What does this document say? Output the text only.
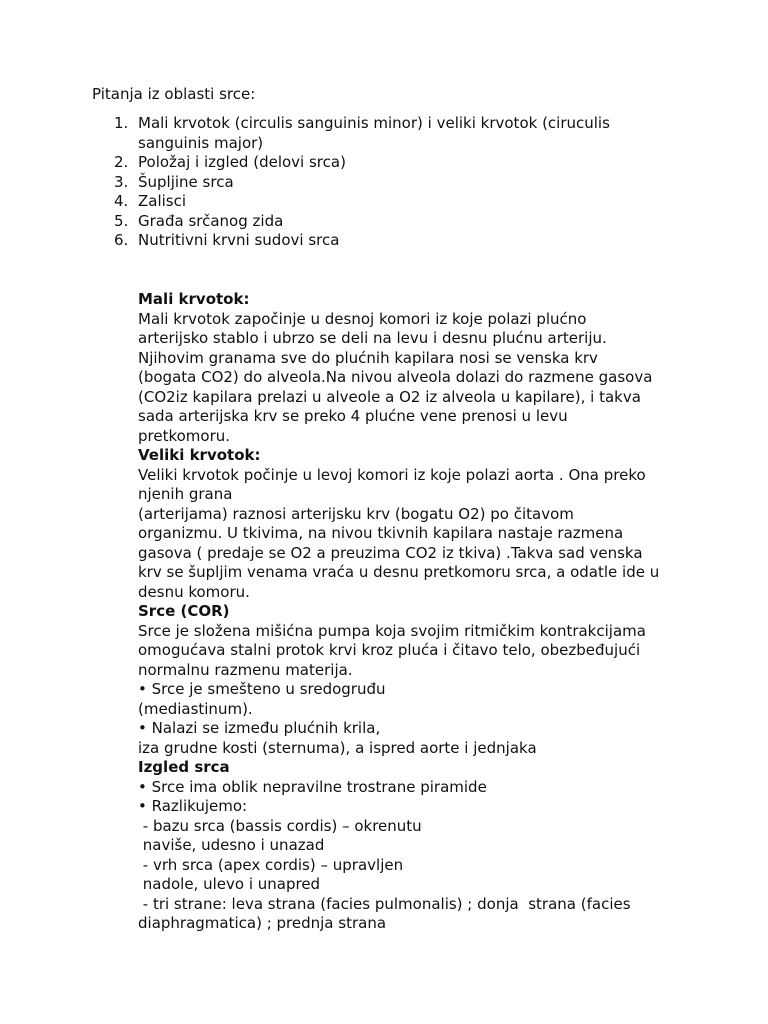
Pitanja iz oblasti srce:

1. Mali krvotok (circulis sanguinis minor) i veliki krvotok (ciruculis
sanguinis major)
2. Položaj i izgled (delovi srca)
3. Šupljine srca
4. Zalisci
5. Građa srčanog zida
6. Nutritivni krvni sudovi srca

Mali krvotok:

Mali krvotok započinje u desnoj komori iz koje polazi plućno

arterijsko stablo i ubrzo se deli na levu i desnu plućnu arteriju.

Njihovim granama sve do plućnih kapilara nosi se venska krv

(bogata CO2) do alveola.Na nivou alveola dolazi do razmene gasova

(CO2iz kapilara prelazi u alveole a O2 iz alveola u kapilare), i takva

sada arterijska krv se preko 4 plućne vene prenosi u levu

pretkomoru.

Veliki krvotok:

Veliki krvotok počinje u levoj komori iz koje polazi aorta . Ona preko

njenih grana

(arterijama) raznosi arterijsku krv (bogatu O2) po čitavom

organizmu. U tkivima, na nivou tkivnih kapilara nastaje razmena

gasova ( predaje se O2 a preuzima CO2 iz tkiva) .Takva sad venska

krv se šupljim venama vraća u desnu pretkomoru srca, a odatle ide u

desnu komoru.

Srce (COR)

Srce je složena mišićna pumpa koja svojim ritmičkim kontrakcijama

omogućava stalni protok krvi kroz pluća i čitavo telo, obezbeđujući

normalnu razmenu materija.

• Srce je smešteno u sredogruđu

(mediastinum).

• Nalazi se između plućnih krila,

iza grudne kosti (sternuma), a ispred aorte i jednjaka

Izgled srca

• Srce ima oblik nepravilne trostrane piramide

• Razlikujemo:

- bazu srca (bassis cordis) – okrenutu

naviše, udesno i unazad

- vrh srca (apex cordis) – upravljen

nadole, ulevo i unapred

- tri strane: leva strana (facies pulmonalis) ; donja  strana (facies

diaphragmatica) ; prednja strana
